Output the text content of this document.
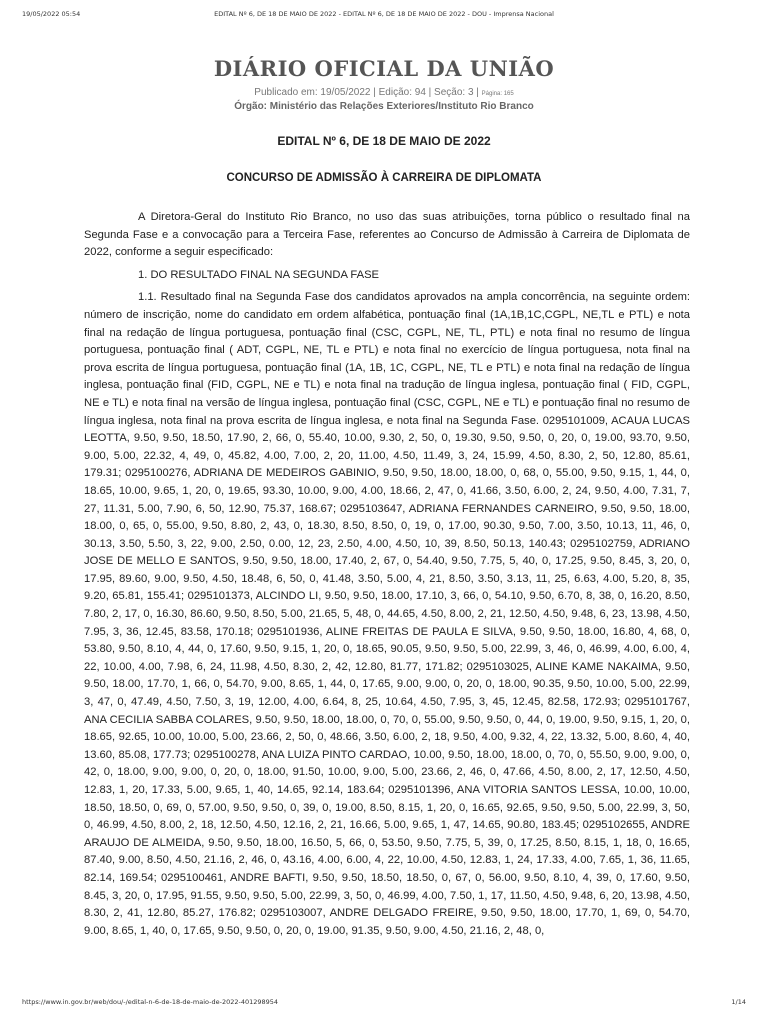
19/05/2022 05:54	EDITAL Nº 6, DE 18 DE MAIO DE 2022 - EDITAL Nº 6, DE 18 DE MAIO DE 2022 - DOU - Imprensa Nacional
DIÁRIO OFICIAL DA UNIÃO
Publicado em: 19/05/2022 | Edição: 94 | Seção: 3 | Página: 165
Órgão: Ministério das Relações Exteriores/Instituto Rio Branco
EDITAL Nº 6, DE 18 DE MAIO DE 2022
CONCURSO DE ADMISSÃO À CARREIRA DE DIPLOMATA

A Diretora-Geral do Instituto Rio Branco, no uso das suas atribuições, torna público o resultado final na Segunda Fase e a convocação para a Terceira Fase, referentes ao Concurso de Admissão à Carreira de Diplomata de 2022, conforme a seguir especificado:

1. DO RESULTADO FINAL NA SEGUNDA FASE

1.1. Resultado final na Segunda Fase dos candidatos aprovados na ampla concorrência, na seguinte ordem: número de inscrição, nome do candidato em ordem alfabética, pontuação final (1A,1B,1C,CGPL, NE,TL e PTL) e nota final na redação de língua portuguesa, pontuação final (CSC, CGPL, NE, TL, PTL) e nota final no resumo de língua portuguesa, pontuação final ( ADT, CGPL, NE, TL e PTL) e nota final no exercício de língua portuguesa, nota final na prova escrita de língua portuguesa, pontuação final (1A, 1B, 1C, CGPL, NE, TL e PTL) e nota final na redação de língua inglesa, pontuação final (FID, CGPL, NE e TL) e nota final na tradução de língua inglesa, pontuação final ( FID, CGPL, NE e TL) e nota final na versão de língua inglesa, pontuação final (CSC, CGPL, NE e TL) e pontuação final no resumo de língua inglesa, nota final na prova escrita de língua inglesa, e nota final na Segunda Fase. 0295101009, ACAUA LUCAS LEOTTA, 9.50, 9.50, 18.50, 17.90, 2, 66, 0, 55.40, 10.00, 9.30, 2, 50, 0, 19.30, 9.50, 9.50, 0, 20, 0, 19.00, 93.70, 9.50, 9.00, 5.00, 22.32, 4, 49, 0, 45.82, 4.00, 7.00, 2, 20, 11.00, 4.50, 11.49, 3, 24, 15.99, 4.50, 8.30, 2, 50, 12.80, 85.61, 179.31; 0295100276, ADRIANA DE MEDEIROS GABINIO, 9.50, 9.50, 18.00, 18.00, 0, 68, 0, 55.00, 9.50, 9.15, 1, 44, 0, 18.65, 10.00, 9.65, 1, 20, 0, 19.65, 93.30, 10.00, 9.00, 4.00, 18.66, 2, 47, 0, 41.66, 3.50, 6.00, 2, 24, 9.50, 4.00, 7.31, 7, 27, 11.31, 5.00, 7.90, 6, 50, 12.90, 75.37, 168.67; 0295103647, ADRIANA FERNANDES CARNEIRO, 9.50, 9.50, 18.00, 18.00, 0, 65, 0, 55.00, 9.50, 8.80, 2, 43, 0, 18.30, 8.50, 8.50, 0, 19, 0, 17.00, 90.30, 9.50, 7.00, 3.50, 10.13, 11, 46, 0, 30.13, 3.50, 5.50, 3, 22, 9.00, 2.50, 0.00, 12, 23, 2.50, 4.00, 4.50, 10, 39, 8.50, 50.13, 140.43; 0295102759, ADRIANO JOSE DE MELLO E SANTOS, 9.50, 9.50, 18.00, 17.40, 2, 67, 0, 54.40, 9.50, 7.75, 5, 40, 0, 17.25, 9.50, 8.45, 3, 20, 0, 17.95, 89.60, 9.00, 9.50, 4.50, 18.48, 6, 50, 0, 41.48, 3.50, 5.00, 4, 21, 8.50, 3.50, 3.13, 11, 25, 6.63, 4.00, 5.20, 8, 35, 9.20, 65.81, 155.41; 0295101373, ALCINDO LI, 9.50, 9.50, 18.00, 17.10, 3, 66, 0, 54.10, 9.50, 6.70, 8, 38, 0, 16.20, 8.50, 7.80, 2, 17, 0, 16.30, 86.60, 9.50, 8.50, 5.00, 21.65, 5, 48, 0, 44.65, 4.50, 8.00, 2, 21, 12.50, 4.50, 9.48, 6, 23, 13.98, 4.50, 7.95, 3, 36, 12.45, 83.58, 170.18; 0295101936, ALINE FREITAS DE PAULA E SILVA, 9.50, 9.50, 18.00, 16.80, 4, 68, 0, 53.80, 9.50, 8.10, 4, 44, 0, 17.60, 9.50, 9.15, 1, 20, 0, 18.65, 90.05, 9.50, 9.50, 5.00, 22.99, 3, 46, 0, 46.99, 4.00, 6.00, 4, 22, 10.00, 4.00, 7.98, 6, 24, 11.98, 4.50, 8.30, 2, 42, 12.80, 81.77, 171.82; 0295103025, ALINE KAME NAKAIMA, 9.50, 9.50, 18.00, 17.70, 1, 66, 0, 54.70, 9.00, 8.65, 1, 44, 0, 17.65, 9.00, 9.00, 0, 20, 0, 18.00, 90.35, 9.50, 10.00, 5.00, 22.99, 3, 47, 0, 47.49, 4.50, 7.50, 3, 19, 12.00, 4.00, 6.64, 8, 25, 10.64, 4.50, 7.95, 3, 45, 12.45, 82.58, 172.93; 0295101767, ANA CECILIA SABBA COLARES, 9.50, 9.50, 18.00, 18.00, 0, 70, 0, 55.00, 9.50, 9.50, 0, 44, 0, 19.00, 9.50, 9.15, 1, 20, 0, 18.65, 92.65, 10.00, 10.00, 5.00, 23.66, 2, 50, 0, 48.66, 3.50, 6.00, 2, 18, 9.50, 4.00, 9.32, 4, 22, 13.32, 5.00, 8.60, 4, 40, 13.60, 85.08, 177.73; 0295100278, ANA LUIZA PINTO CARDAO, 10.00, 9.50, 18.00, 18.00, 0, 70, 0, 55.50, 9.00, 9.00, 0, 42, 0, 18.00, 9.00, 9.00, 0, 20, 0, 18.00, 91.50, 10.00, 9.00, 5.00, 23.66, 2, 46, 0, 47.66, 4.50, 8.00, 2, 17, 12.50, 4.50, 12.83, 1, 20, 17.33, 5.00, 9.65, 1, 40, 14.65, 92.14, 183.64; 0295101396, ANA VITORIA SANTOS LESSA, 10.00, 10.00, 18.50, 18.50, 0, 69, 0, 57.00, 9.50, 9.50, 0, 39, 0, 19.00, 8.50, 8.15, 1, 20, 0, 16.65, 92.65, 9.50, 9.50, 5.00, 22.99, 3, 50, 0, 46.99, 4.50, 8.00, 2, 18, 12.50, 4.50, 12.16, 2, 21, 16.66, 5.00, 9.65, 1, 47, 14.65, 90.80, 183.45; 0295102655, ANDRE ARAUJO DE ALMEIDA, 9.50, 9.50, 18.00, 16.50, 5, 66, 0, 53.50, 9.50, 7.75, 5, 39, 0, 17.25, 8.50, 8.15, 1, 18, 0, 16.65, 87.40, 9.00, 8.50, 4.50, 21.16, 2, 46, 0, 43.16, 4.00, 6.00, 4, 22, 10.00, 4.50, 12.83, 1, 24, 17.33, 4.00, 7.65, 1, 36, 11.65, 82.14, 169.54; 0295100461, ANDRE BAFTI, 9.50, 9.50, 18.50, 18.50, 0, 67, 0, 56.00, 9.50, 8.10, 4, 39, 0, 17.60, 9.50, 8.45, 3, 20, 0, 17.95, 91.55, 9.50, 9.50, 5.00, 22.99, 3, 50, 0, 46.99, 4.00, 7.50, 1, 17, 11.50, 4.50, 9.48, 6, 20, 13.98, 4.50, 8.30, 2, 41, 12.80, 85.27, 176.82; 0295103007, ANDRE DELGADO FREIRE, 9.50, 9.50, 18.00, 17.70, 1, 69, 0, 54.70, 9.00, 8.65, 1, 40, 0, 17.65, 9.50, 9.50, 0, 20, 0, 19.00, 91.35, 9.50, 9.00, 4.50, 21.16, 2, 48, 0,

https://www.in.gov.br/web/dou/-/edital-n-6-de-18-de-maio-de-2022-401298954	1/14
